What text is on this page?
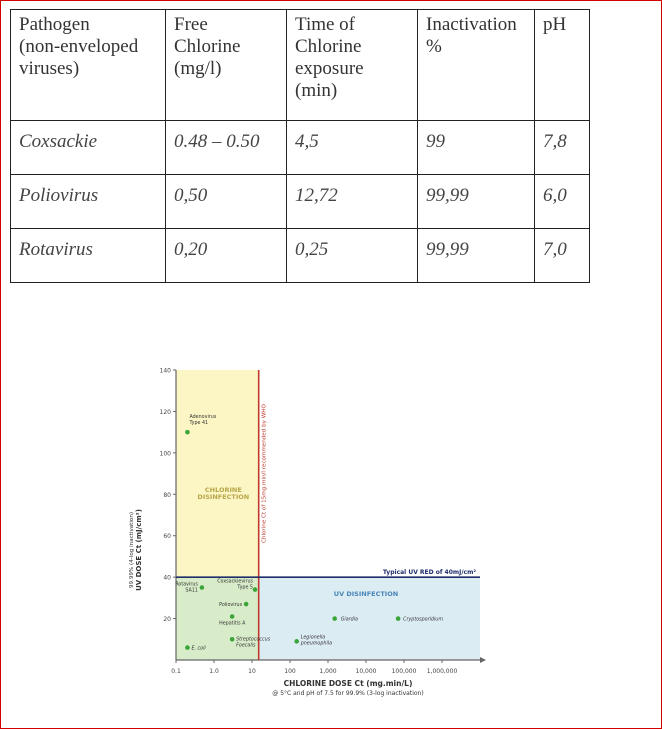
Pathogen
(non-enveloped
viruses)	Free
Chlorine
(mg/l)	Time of
Chlorine
exposure
(min)	Inactivation
%	pH
Coxsackie	0.48 – 0.50	4,5	99	7,8
Poliovirus	0,50	12,72	99,99	6,0
Rotavirus	0,20	0,25	99,99	7,0
20
40
60
80
100
120
140
0.1	1.0	10	100	1,000	10,000	100,000 1,000,000
Chlorine Ct of 15mg.min/l recommended by WHO
Typical UV RED of 40mJ/cm²
CHLORINE
DISINFECTION
UV DISINFECTION
Adenovirus
Type 41
Rotavirus
SA11
Coxsackievirus
Type 5
Poliovirus
Hepatitis A
Streptococcus
Foecalis
E. coli
Legionella
pneumophila
Giardia	Cryptosporidium
CHLORINE DOSE Ct (mg.min/L)
@ 5°C and pH of 7.5 for 99.9% (3-log inactivation)
UV DOSE Ct (mJ/cm²)
99.99% (4-log inactivation)
